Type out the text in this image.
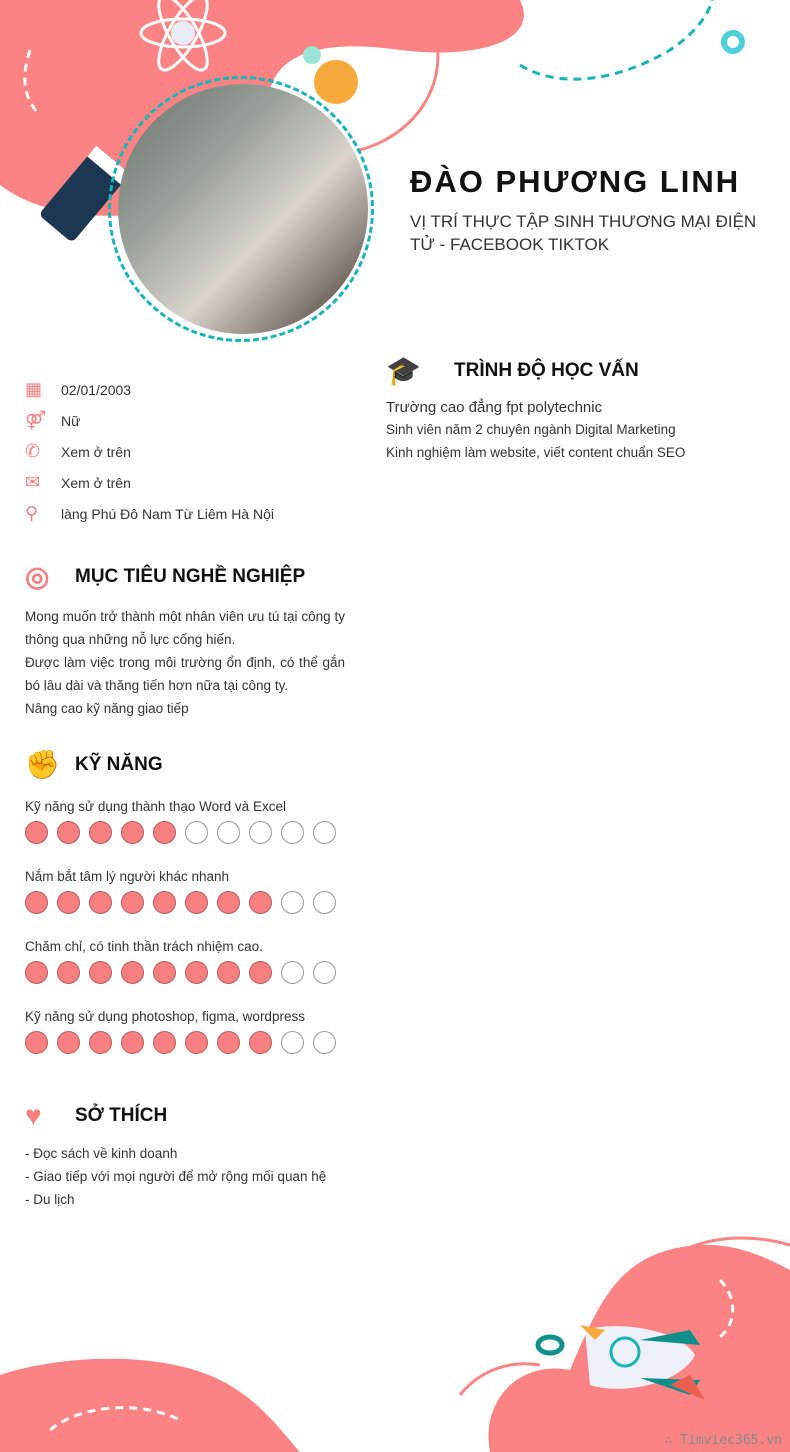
ĐÀO PHƯƠNG LINH
VỊ TRÍ THỰC TẬP SINH THƯƠNG MẠI ĐIỆN TỬ - FACEBOOK TIKTOK
▦	02/01/2003
⚤	Nữ
✆	Xem ở trên
✉	Xem ở trên
⚲	làng Phú Đô Nam Từ Liêm Hà Nội
◎	MỤC TIÊU NGHỀ NGHIỆP
Mong muốn trở thành một nhân viên ưu tú tại công ty thông qua những nỗ lực cống hiến.
Được làm việc trong môi trường ổn định, có thể gắn bó lâu dài và thăng tiến hơn nữa tại công ty.
Nâng cao kỹ năng giao tiếp
✊ KỸ NĂNG
Kỹ năng sử dụng thành thạo Word và Excel
Nắm bắt tâm lý người khác nhanh
Chăm chỉ, có tinh thần trách nhiệm cao.
Kỹ năng sử dụng photoshop, figma, wordpress
♥	SỞ THÍCH
- Đọc sách về kinh doanh
- Giao tiếp với mọi người để mở rộng mối quan hệ
- Du lịch
🎓	TRÌNH ĐỘ HỌC VẤN
Trường cao đẳng fpt polytechnic
Sinh viên năm 2 chuyên ngành Digital Marketing
Kinh nghiệm làm website, viết content chuẩn SEO
∴ Timviec365.vn
